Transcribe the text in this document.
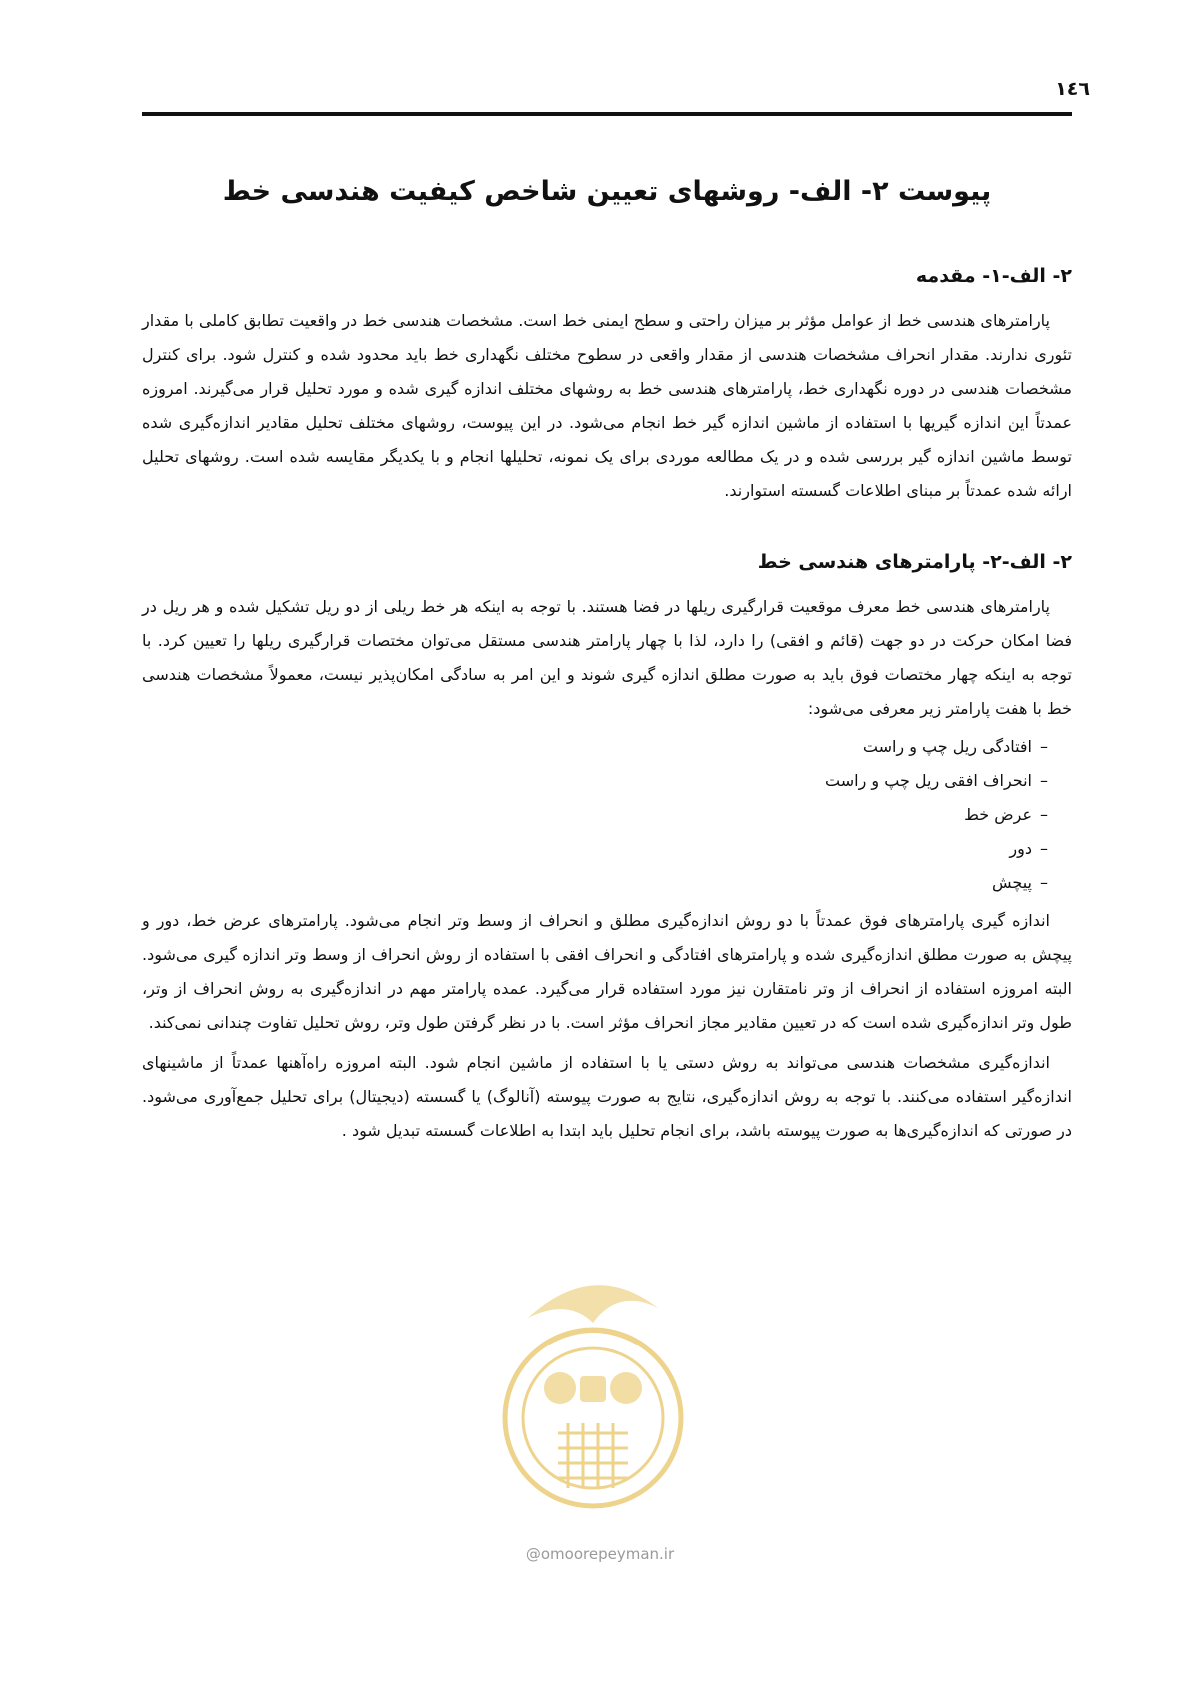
١٤٦
پیوست ۲- الف- روشهای تعیین شاخص کیفیت هندسی خط
۲- الف-۱- مقدمه

پارامترهای هندسی خط از عوامل مؤثر بر میزان راحتی و سطح ایمنی خط است. مشخصات هندسی خط در واقعیت تطابق کاملی با مقدار تئوری ندارند. مقدار انحراف مشخصات هندسی از مقدار واقعی در سطوح مختلف نگهداری خط باید محدود شده و کنترل شود. برای کنترل مشخصات هندسی در دوره نگهداری خط، پارامترهای هندسی خط به روشهای مختلف اندازه گیری شده و مورد تحلیل قرار می‌گیرند. امروزه عمدتاً این اندازه گیریها با استفاده از ماشین اندازه گیر خط انجام می‌شود. در این پیوست، روشهای مختلف تحلیل مقادیر اندازه‌گیری شده توسط ماشین اندازه گیر بررسی شده و در یک مطالعه موردی برای یک نمونه، تحلیلها انجام و با یکدیگر مقایسه شده است. روشهای تحلیل ارائه شده عمدتاً بر مبنای اطلاعات گسسته استوارند.

۲- الف-۲- پارامترهای هندسی خط

پارامترهای هندسی خط معرف موقعیت قرارگیری ریلها در فضا هستند. با توجه به اینکه هر خط ریلی از دو ریل تشکیل شده و هر ریل در فضا امکان حرکت در دو جهت (قائم و افقی) را دارد، لذا با چهار پارامتر هندسی مستقل می‌توان مختصات قرارگیری ریلها را تعیین کرد. با توجه به اینکه چهار مختصات فوق باید به صورت مطلق اندازه گیری شوند و این امر به سادگی امکان‌پذیر نیست، معمولاً مشخصات هندسی خط با هفت پارامتر زیر معرفی می‌شود:

–افتادگی ریل چپ و راست
–انحراف افقی ریل چپ و راست
–عرض خط
–دور
–پیچش

اندازه گیری پارامترهای فوق عمدتاً با دو روش اندازه‌گیری مطلق و انحراف از وسط وتر انجام می‌شود. پارامترهای عرض خط، دور و پیچش به صورت مطلق اندازه‌گیری شده و پارامترهای افتادگی و انحراف افقی با استفاده از روش انحراف از وسط وتر اندازه گیری می‌شود. البته امروزه استفاده از انحراف از وتر نامتقارن نیز مورد استفاده قرار می‌گیرد. عمده پارامتر مهم در اندازه‌گیری به روش انحراف از وتر، طول وتر اندازه‌گیری شده است که در تعیین مقادیر مجاز انحراف مؤثر است. با در نظر گرفتن طول وتر، روش تحلیل تفاوت چندانی نمی‌کند.

اندازه‌گیری مشخصات هندسی می‌تواند به روش دستی یا با استفاده از ماشین انجام شود. البته امروزه راه‌آهنها عمدتاً از ماشینهای اندازه‌گیر استفاده می‌کنند. با توجه به روش اندازه‌گیری، نتایج به صورت پیوسته (آنالوگ) یا گسسته (دیجیتال) برای تحلیل جمع‌آوری می‌شود. در صورتی که اندازه‌گیری‌ها به صورت پیوسته باشد، برای انجام تحلیل باید ابتدا به اطلاعات گسسته تبدیل شود .

@omoorepeyman.ir
